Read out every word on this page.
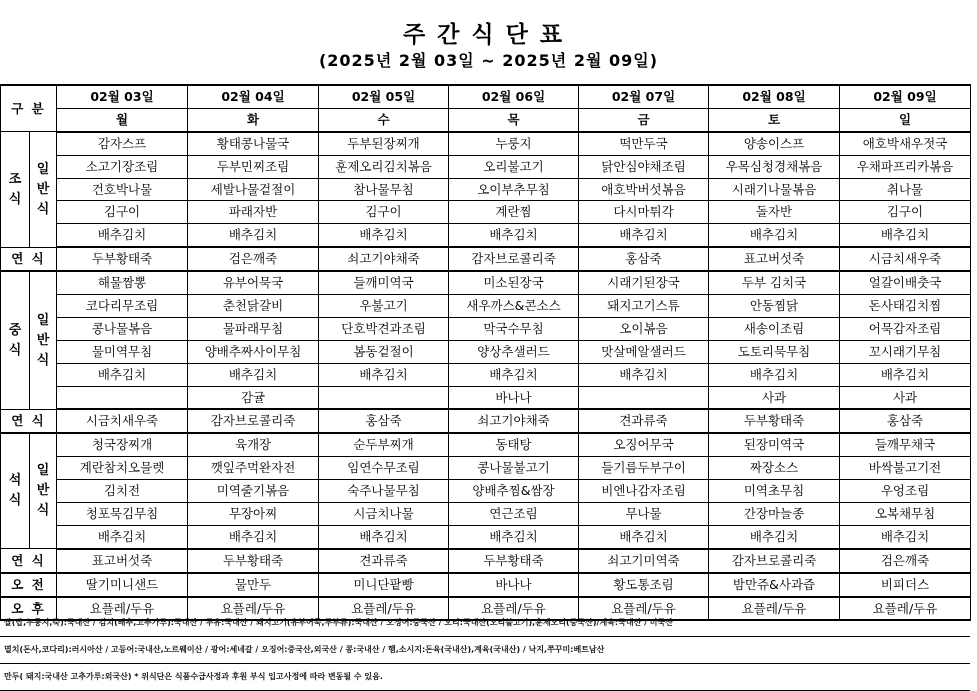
주간식단표
(2025년 2월 03일 ~ 2025년 2월 09일)
구 분		02월 03일	02월 04일	02월 05일	02월 06일	02월 07일	02월 08일	02월 09일
		월	화	수	목	금	토	일
조 식	일 반 식	감자스프	황태콩나물국	두부된장찌개	누룽지	떡만두국	양송이스프	애호박새우젓국
		소고기장조림	두부민찌조림	훈제오리김치볶음	오리불고기	닭안심야채조림	우목심청경채볶음	우채파프리카볶음
		건호박나물	세발나물겉절이	참나물무침	오이부추무침	애호박버섯볶음	시래기나물볶음	취나물
		김구이	파래자반	김구이	계란찜	다시마튀각	돌자반	김구이
		배추김치	배추김치	배추김치	배추김치	배추김치	배추김치	배추김치
연 식		두부황태죽	검은깨죽	쇠고기야채죽	감자브로콜리죽	홍삼죽	표고버섯죽	시금치새우죽
중 식	일 반 식	해물짬뽕	유부어묵국	들깨미역국	미소된장국	시래기된장국	두부 김치국	얼갈이배춧국
		코다리무조림	춘천닭갈비	우불고기	새우까스&콘소스	돼지고기스튜	안동찜닭	돈사태김치찜
		콩나물볶음	물파래무침	단호박견과조림	막국수무침	오이볶음	새송이조림	어묵감자조림
		물미역무침	양배추짜사이무침	봄동겉절이	양상추샐러드	맛살메알샐러드	도토리묵무침	꼬시래기무침
		배추김치	배추김치	배추김치	배추김치	배추김치	배추김치	배추김치
			감귤		바나나		사과	사과
연 식		시금치새우죽	감자브로콜리죽	홍삼죽	쇠고기야채죽	견과류죽	두부황태죽	홍삼죽
석 식	일 반 식	청국장찌개	육개장	순두부찌개	동태탕	오징어무국	된장미역국	들깨무채국
		계란참치오믈렛	깻잎주먹완자전	임연수무조림	콩나물불고기	들기름두부구이	짜장소스	바싹불고기전
		김치전	미역줄기볶음	숙주나물무침	양배추찜&쌈장	비엔나감자조림	미역초무침	우엉조림
		청포묵김무침	무장아찌	시금치나물	연근조림	무나물	간장마늘종	오복채무침
		배추김치	배추김치	배추김치	배추김치	배추김치	배추김치	배추김치
연 식		표고버섯죽	두부황태죽	견과류죽	두부황태죽	쇠고기미역죽	감자브로콜리죽	검은깨죽
오 전		딸기미니샌드	물만두	미니단팥빵	바나나	황도통조림	밤만쥬&사과즙	비피더스
오 후		요플레/두유	요플레/두유	요플레/두유	요플레/두유	요플레/두유	요플레/두유	요플레/두유
쌀(밥,누룽지,죽):국내산 / 김치(배추,고추가루):국내산 / 두유:국내산 / 돼지고기(유부어묵,두부류):국내산 / 오징어:중국산 / 오리:국내산(오리불고기),훈제오리(중국산)/계육:국내산 / 미국산
멸치(돈사,코다리):러시아산 / 고등어:국내산,노르웨이산 / 광어:세네갈 / 오징어:중국산,외국산 / 콩:국내산 / 햄,소시지:돈육(국내산),계육(국내산) / 낙지,쭈꾸미:베트남산
만두( 돼지:국내산 고추가루:외국산) * 위식단은 식품수급사정과 후원 부식 입고사정에 따라 변동될 수 있음.
